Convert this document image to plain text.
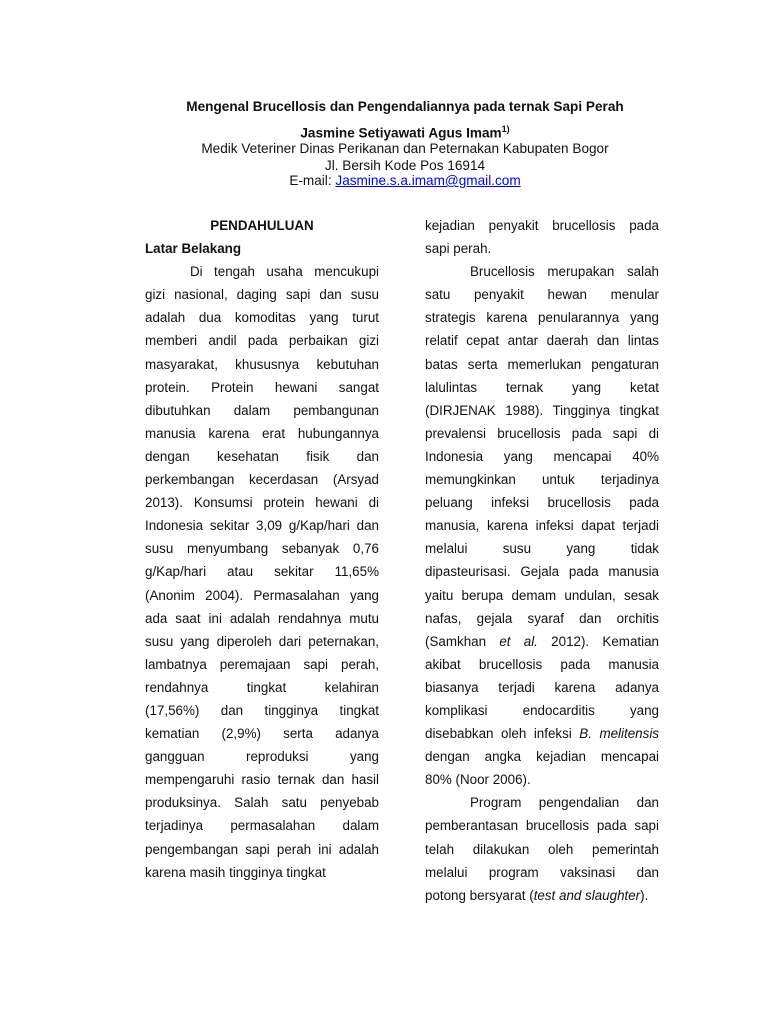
Mengenal Brucellosis dan Pengendaliannya pada ternak Sapi Perah
Jasmine Setiyawati Agus Imam$^{1)}$
Medik Veteriner Dinas Perikanan dan Peternakan Kabupaten Bogor
Jl. Bersih Kode Pos 16914
E-mail: Jasmine.s.a.imam@gmail.com
PENDAHULUAN
Latar Belakang
Di tengah usaha mencukupi
gizi nasional, daging sapi dan susu
adalah dua komoditas yang turut
memberi andil pada perbaikan gizi
masyarakat, khususnya kebutuhan
protein. Protein hewani sangat
dibutuhkan dalam pembangunan
manusia karena erat hubungannya
dengan kesehatan fisik dan
perkembangan kecerdasan (Arsyad
2013). Konsumsi protein hewani di
Indonesia sekitar 3,09 g/Kap/hari dan
susu menyumbang sebanyak 0,76
g/Kap/hari atau sekitar 11,65%
(Anonim 2004). Permasalahan yang
ada saat ini adalah rendahnya mutu
susu yang diperoleh dari peternakan,
lambatnya peremajaan sapi perah,
rendahnya tingkat kelahiran
(17,56%) dan tingginya tingkat
kematian (2,9%) serta adanya
gangguan reproduksi yang
mempengaruhi rasio ternak dan hasil
produksinya. Salah satu penyebab
terjadinya permasalahan dalam
pengembangan sapi perah ini adalah
karena masih tingginya tingkat
kejadian penyakit brucellosis pada
sapi perah.
Brucellosis merupakan salah
satu penyakit hewan menular
strategis karena penularannya yang
relatif cepat antar daerah dan lintas
batas serta memerlukan pengaturan
lalulintas ternak yang ketat
(DIRJENAK 1988). Tingginya tingkat
prevalensi brucellosis pada sapi di
Indonesia yang mencapai 40%
memungkinkan untuk terjadinya
peluang infeksi brucellosis pada
manusia, karena infeksi dapat terjadi
melalui susu yang tidak
dipasteurisasi. Gejala pada manusia
yaitu berupa demam undulan, sesak
nafas, gejala syaraf dan orchitis
(Samkhan et al. 2012). Kematian
akibat brucellosis pada manusia
biasanya terjadi karena adanya
komplikasi endocarditis yang
disebabkan oleh infeksi B. melitensis
dengan angka kejadian mencapai
80% (Noor 2006).
Program pengendalian dan
pemberantasan brucellosis pada sapi
telah dilakukan oleh pemerintah
melalui program vaksinasi dan
potong bersyarat (test and slaughter).
